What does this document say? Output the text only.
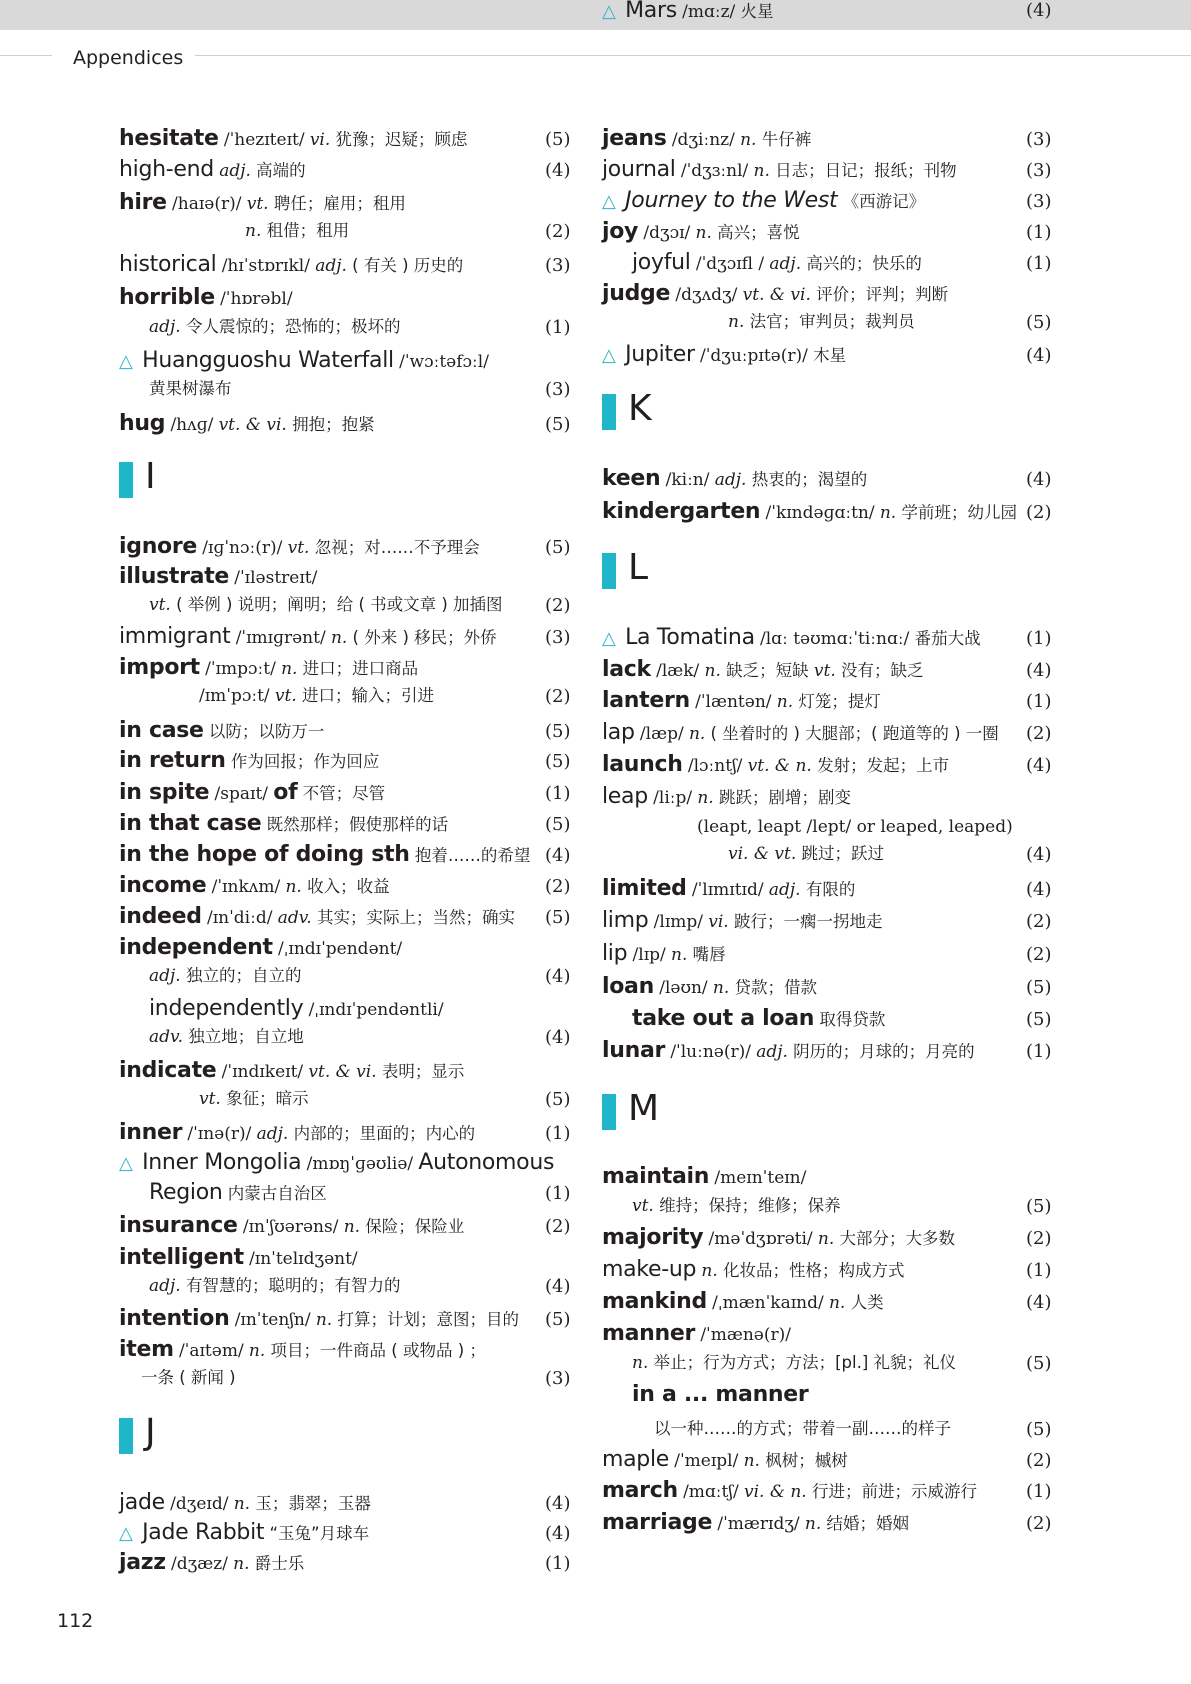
Appendices
hesitate /ˈhezɪteɪt/ vi. 犹豫；迟疑；顾虑	(5)
high-end adj. 高端的	(4)
hire /haɪə(r)/ vt. 聘任；雇用；租用
n. 租借；租用	(2)
historical /hɪˈstɒrɪkl/ adj. ( 有关 ) 历史的	(3)
horrible /ˈhɒrəbl/
adj. 令人震惊的；恐怖的；极坏的	(1)
△ Huangguoshu Waterfall /ˈwɔːtəfɔːl/
黄果树瀑布	(3)
hug /hʌɡ/ vt. & vi. 拥抱；抱紧	(5)
ignore /ɪɡˈnɔː(r)/ vt. 忽视；对……不予理会	(5)
illustrate /ˈɪləstreɪt/
vt. ( 举例 ) 说明；阐明；给 ( 书或文章 ) 加插图 (2)
immigrant /ˈɪmɪɡrənt/ n. ( 外来 ) 移民；外侨	(3)
import /ˈɪmpɔːt/ n. 进口；进口商品
/ɪmˈpɔːt/ vt. 进口；输入；引进	(2)
in case 以防；以防万一	(5)
in return 作为回报；作为回应	(5)
in spite /spaɪt/ of 不管；尽管	(1)
in that case 既然那样；假使那样的话	(5)
in the hope of doing sth 抱着……的希望 (4)
income /ˈɪnkʌm/ n. 收入；收益	(2)
indeed /ɪnˈdiːd/ adv. 其实；实际上；当然；确实 (5)
independent /ˌɪndɪˈpendənt/
adj. 独立的；自立的	(4)
independently /ˌɪndɪˈpendəntli/
adv. 独立地；自立地	(4)
indicate /ˈɪndɪkeɪt/ vt. & vi. 表明；显示
vt. 象征；暗示	(5)
inner /ˈɪnə(r)/ adj. 内部的；里面的；内心的	(1)
△ Inner Mongolia /mɒŋˈɡəʊliə/ Autonomous
Region 内蒙古自治区	(1)
insurance /ɪnˈʃʊərəns/ n. 保险；保险业	(2)
intelligent /ɪnˈtelɪdʒənt/
adj. 有智慧的；聪明的；有智力的	(4)
intention /ɪnˈtenʃn/ n. 打算；计划；意图；目的 (5)
item /ˈaɪtəm/ n. 项目；一件商品 ( 或物品 ) ；
一条 ( 新闻 )	(3)
jade /dʒeɪd/ n. 玉；翡翠；玉器	(4)
△ Jade Rabbit “玉兔”月球车	(4)
jazz /dʒæz/ n. 爵士乐	(1)
I
J
jeans /dʒiːnz/ n. 牛仔裤	(3)
journal /ˈdʒɜːnl/ n. 日志；日记；报纸；刊物	(3)
△ Journey to the West 《西游记》	(3)
joy /dʒɔɪ/ n. 高兴；喜悦	(1)
joyful /ˈdʒɔɪfl / adj. 高兴的；快乐的	(1)
judge /dʒʌdʒ/ vt. & vi. 评价；评判；判断
n. 法官；审判员；裁判员	(5)
△ Jupiter /ˈdʒuːpɪtə(r)/ 木星	(4)
keen /kiːn/ adj. 热衷的；渴望的	(4)
kindergarten /ˈkɪndəɡɑːtn/ n. 学前班；幼儿园 (2)
△ La Tomatina /lɑː təʊmɑːˈtiːnɑː/ 番茄大战	(1)
lack /læk/ n. 缺乏；短缺 vt. 没有；缺乏	(4)
lantern /ˈlæntən/ n. 灯笼；提灯	(1)
lap /læp/ n. ( 坐着时的 ) 大腿部；( 跑道等的 ) 一圈 (2)
launch /lɔːntʃ/ vt. & n. 发射；发起；上市	(4)
leap /liːp/ n. 跳跃；剧增；剧变
(leapt, leapt /lept/ or leaped, leaped)
vi. & vt. 跳过；跃过	(4)
limited /ˈlɪmɪtɪd/ adj. 有限的	(4)
limp /lɪmp/ vi. 跛行；一瘸一拐地走	(2)
lip /lɪp/ n. 嘴唇	(2)
loan /ləʊn/ n. 贷款；借款	(5)
take out a loan 取得贷款	(5)
lunar /ˈluːnə(r)/ adj. 阴历的；月球的；月亮的	(1)
maintain /meɪnˈteɪn/
vt. 维持；保持；维修；保养	(5)
majority /məˈdʒɒrəti/ n. 大部分；大多数	(2)
make-up n. 化妆品；性格；构成方式	(1)
mankind /ˌmænˈkaɪnd/ n. 人类	(4)
manner /ˈmænə(r)/
n. 举止；行为方式；方法；[pl.] 礼貌；礼仪	(5)
in a ... manner
以一种……的方式；带着一副……的样子	(5)
maple /ˈmeɪpl/ n. 枫树；槭树	(2)
march /mɑːtʃ/ vi. & n. 行进；前进；示威游行	(1)
marriage /ˈmærɪdʒ/ n. 结婚；婚姻	(2)
△ Mars /mɑːz/ 火星	(4)
K
L
M
112
